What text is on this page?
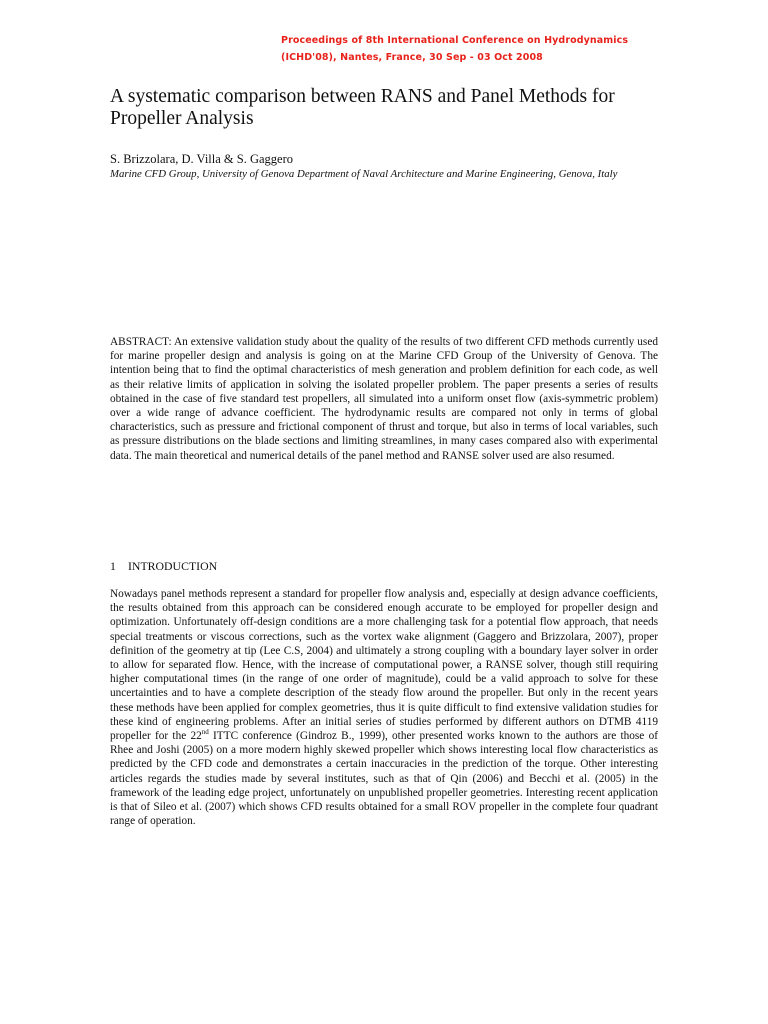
Proceedings of 8th International Conference on Hydrodynamics
(ICHD'08), Nantes, France, 30 Sep - 03 Oct 2008
A systematic comparison between RANS and Panel Methods for Propeller Analysis
S. Brizzolara, D. Villa & S. Gaggero
Marine CFD Group, University of Genova Department of Naval Architecture and Marine Engineering, Genova, Italy

ABSTRACT: An extensive validation study about the quality of the results of two different CFD methods currently used for marine propeller design and analysis is going on at the Marine CFD Group of the University of Genova. The intention being that to find the optimal characteristics of mesh generation and problem definition for each code, as well as their relative limits of application in solving the isolated propeller problem. The paper presents a series of results obtained in the case of five standard test propellers, all simulated into a uniform onset flow (axis-symmetric problem) over a wide range of advance coefficient. The hydrodynamic results are compared not only in terms of global characteristics, such as pressure and frictional component of thrust and torque, but also in terms of local variables, such as pressure distributions on the blade sections and limiting streamlines, in many cases compared also with experimental data. The main theoretical and numerical details of the panel method and RANSE solver used are also resumed.

1 INTRODUCTION

Nowadays panel methods represent a standard for propeller flow analysis and, especially at design advance coefficients, the results obtained from this approach can be considered enough accurate to be employed for propeller design and optimization. Unfortunately off-design conditions are a more challenging task for a potential flow approach, that needs special treatments or viscous corrections, such as the vortex wake alignment (Gaggero and Brizzolara, 2007), proper definition of the geometry at tip (Lee C.S, 2004) and ultimately a strong coupling with a boundary layer solver in order to allow for separated flow. Hence, with the increase of computational power, a RANSE solver, though still requiring higher computational times (in the range of one order of magnitude), could be a valid approach to solve for these uncertainties and to have a complete description of the steady flow around the propeller. But only in the recent years these methods have been applied for complex geometries, thus it is quite difficult to find extensive validation studies for these kind of engineering problems. After an initial series of studies performed by different authors on DTMB 4119 propeller for the 22nd ITTC conference (Gindroz B., 1999), other presented works known to the authors are those of Rhee and Joshi (2005) on a more modern highly skewed propeller which shows interesting local flow characteristics as predicted by the CFD code and demonstrates a certain inaccuracies in the prediction of the torque. Other interesting articles regards the studies made by several institutes, such as that of Qin (2006) and Becchi et al. (2005) in the framework of the leading edge project, unfortunately on unpublished propeller geometries. Interesting recent application is that of Sileo et al. (2007) which shows CFD results obtained for a small ROV propeller in the complete four quadrant range of operation.
